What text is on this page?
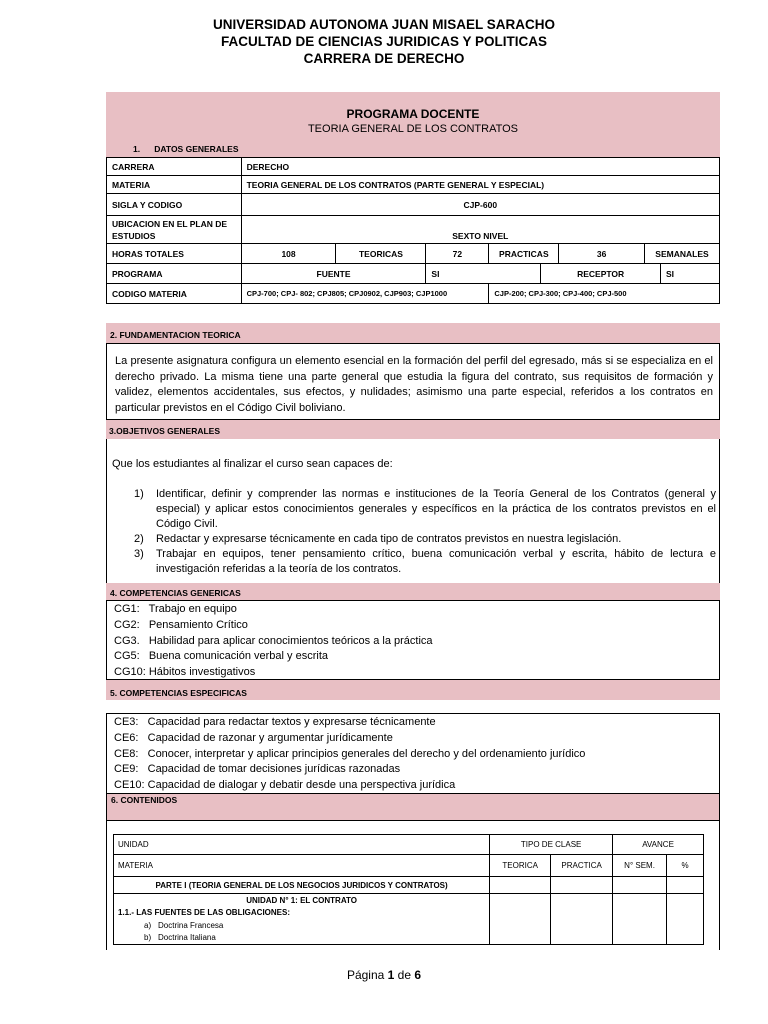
UNIVERSIDAD AUTONOMA JUAN MISAEL SARACHO
FACULTAD DE CIENCIAS JURIDICAS Y POLITICAS
CARRERA DE DERECHO
PROGRAMA DOCENTE
TEORIA GENERAL DE LOS CONTRATOS
1. DATOS GENERALES
CARRERA	DERECHO							
MATERIA	TEORIA GENERAL DE LOS CONTRATOS (PARTE GENERAL Y ESPECIAL)							
SIGLA Y CODIGO	CJP-600							
UBICACION EN EL PLAN DE ESTUDIOS	SEXTO NIVEL							
HORAS TOTALES	108	TEORICAS	72	PRACTICAS		36	SEMANALES	
PROGRAMA	FUENTE		SI		RECEPTOR			SI
CODIGO MATERIA	CPJ-700; CPJ- 802; CPJ805; CPJ0902, CJP903; CJP1000			CJP-200; CPJ-300; CPJ-400; CPJ-500				
2. FUNDAMENTACION TEORICA
La presente asignatura configura un elemento esencial en la formación del perfil del egresado, más si se especializa en el derecho privado. La misma tiene una parte general que estudia la figura del contrato, sus requisitos de formación y validez, elementos accidentales, sus efectos, y nulidades; asimismo una parte especial, referidos a los contratos en particular previstos en el Código Civil boliviano.
3.OBJETIVOS GENERALES
Que los estudiantes al finalizar el curso sean capaces de:
1)	Identificar, definir y comprender las normas e instituciones de la Teoría General de los Contratos (general y especial) y aplicar estos conocimientos generales y específicos en la práctica de los contratos previstos en el Código Civil.
2)	Redactar y expresarse técnicamente en cada tipo de contratos previstos en nuestra legislación.
3)	Trabajar en equipos, tener pensamiento crítico, buena comunicación verbal y escrita, hábito de lectura e investigación referidas a la teoría de los contratos.
4. COMPETENCIAS GENERICAS
CG1:   Trabajo en equipo
CG2:   Pensamiento Crítico
CG3.   Habilidad para aplicar conocimientos teóricos a la práctica
CG5:   Buena comunicación verbal y escrita
CG10: Hábitos investigativos
5. COMPETENCIAS ESPECIFICAS
CE3:   Capacidad para redactar textos y expresarse técnicamente
CE6:   Capacidad de razonar y argumentar jurídicamente
CE8:   Conocer, interpretar y aplicar principios generales del derecho y del ordenamiento jurídico
CE9:   Capacidad de tomar decisiones jurídicas razonadas
CE10: Capacidad de dialogar y debatir desde una perspectiva jurídica
6. CONTENIDOS
UNIDAD	TIPO DE CLASE		AVANCE	
MATERIA	TEORICA	PRACTICA	N° SEM.	%
PARTE I (TEORIA GENERAL DE LOS NEGOCIOS JURIDICOS Y CONTRATOS)				

UNIDAD N° 1: EL CONTRATO
1.1.- LAS FUENTES DE LAS OBLIGACIONES:
a) Doctrina Francesa
b) Doctrina Italiana				

Página 1 de 6
